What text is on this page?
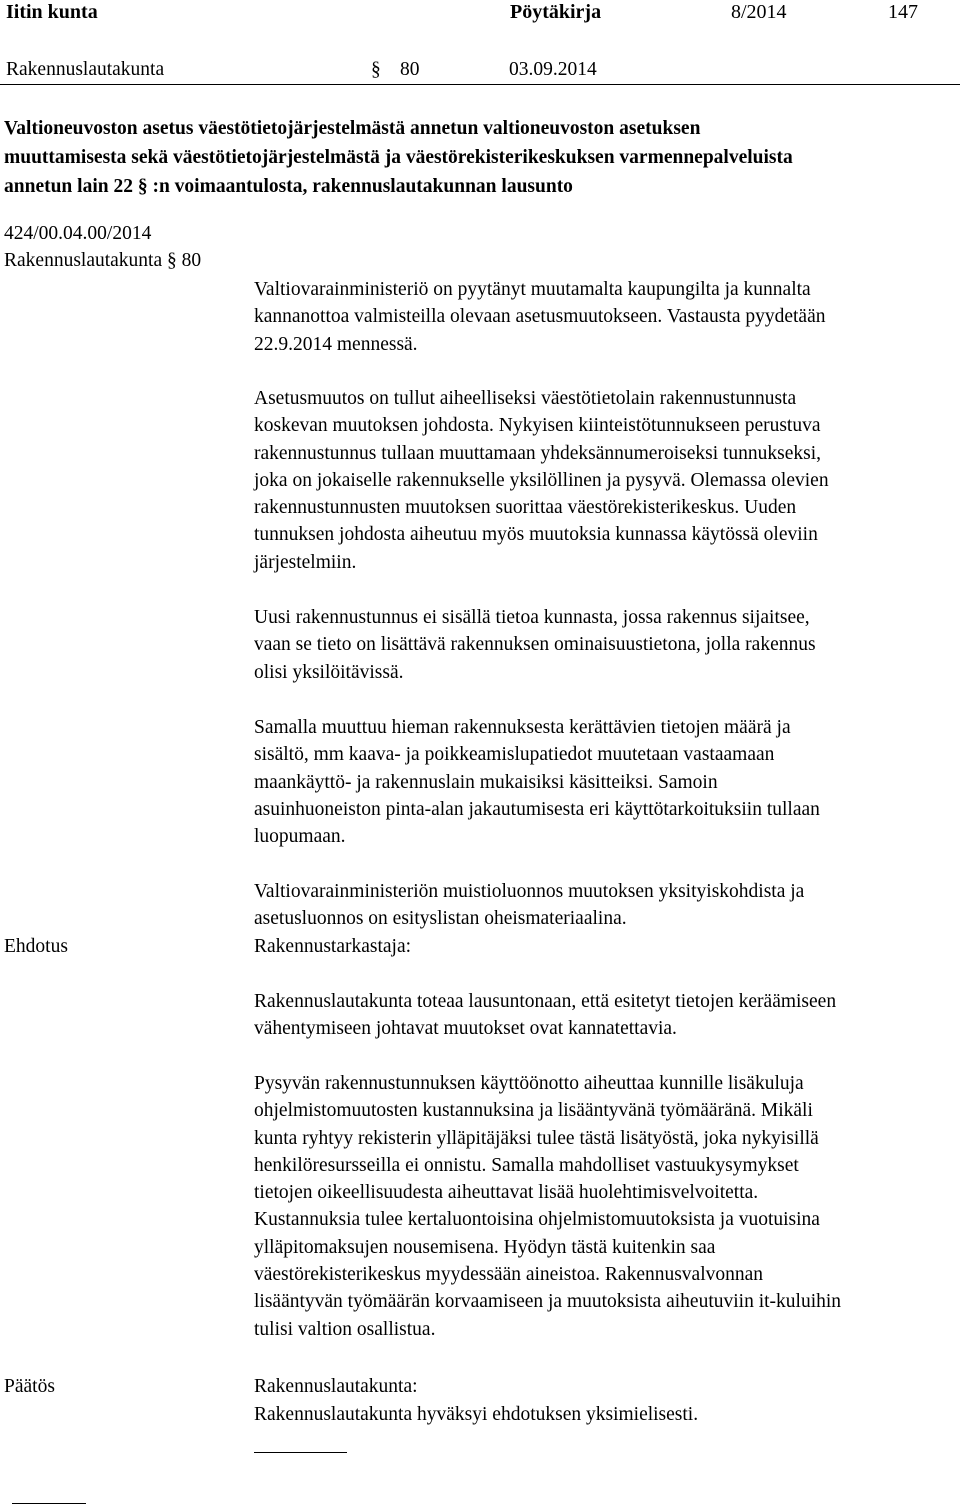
Iitin kunta	Pöytäkirja	8/2014	147
Rakennuslautakunta	§ 80	03.09.2014
Valtioneuvoston asetus väestötietojärjestelmästä annetun valtioneuvoston asetuksen
muuttamisesta sekä väestötietojärjestelmästä ja väestörekisterikeskuksen varmennepalveluista
annetun lain 22 § :n voimaantulosta, rakennuslautakunnan lausunto
424/00.04.00/2014
Rakennuslautakunta § 80
Valtiovarainministeriö on pyytänyt muutamalta kaupungilta ja kunnalta
kannanottoa valmisteilla olevaan asetusmuutokseen. Vastausta pyydetään
22.9.2014 mennessä.
Asetusmuutos on tullut aiheelliseksi väestötietolain rakennustunnusta
koskevan muutoksen johdosta. Nykyisen kiinteistötunnukseen perustuva
rakennustunnus tullaan muuttamaan yhdeksännumeroiseksi tunnukseksi,
joka on jokaiselle rakennukselle yksilöllinen ja pysyvä. Olemassa olevien
rakennustunnusten muutoksen suorittaa väestörekisterikeskus. Uuden
tunnuksen johdosta aiheutuu myös muutoksia kunnassa käytössä oleviin
järjestelmiin.
Uusi rakennustunnus ei sisällä tietoa kunnasta, jossa rakennus sijaitsee,
vaan se tieto on lisättävä rakennuksen ominaisuustietona, jolla rakennus
olisi yksilöitävissä.
Samalla muuttuu hieman rakennuksesta kerättävien tietojen määrä ja
sisältö, mm kaava- ja poikkeamislupatiedot muutetaan vastaamaan
maankäyttö- ja rakennuslain mukaisiksi käsitteiksi. Samoin
asuinhuoneiston pinta-alan jakautumisesta eri käyttötarkoituksiin tullaan
luopumaan.
Valtiovarainministeriön muistioluonnos muutoksen yksityiskohdista ja
asetusluonnos on esityslistan oheismateriaalina.
Ehdotus	Rakennustarkastaja:
Rakennuslautakunta toteaa lausuntonaan, että esitetyt tietojen keräämiseen
vähentymiseen johtavat muutokset ovat kannatettavia.
Pysyvän rakennustunnuksen käyttöönotto aiheuttaa kunnille lisäkuluja
ohjelmistomuutosten kustannuksina ja lisääntyvänä työmääränä. Mikäli
kunta ryhtyy rekisterin ylläpitäjäksi tulee tästä lisätyöstä, joka nykyisillä
henkilöresursseilla ei onnistu. Samalla mahdolliset vastuukysymykset
tietojen oikeellisuudesta aiheuttavat lisää huolehtimisvelvoitetta.
Kustannuksia tulee kertaluontoisina ohjelmistomuutoksista ja vuotuisina
ylläpitomaksujen nousemisena. Hyödyn tästä kuitenkin saa
väestörekisterikeskus myydessään aineistoa. Rakennusvalvonnan
lisääntyvän työmäärän korvaamiseen ja muutoksista aiheutuviin it-kuluihin
tulisi valtion osallistua.
Päätös	Rakennuslautakunta:
Rakennuslautakunta hyväksyi ehdotuksen yksimielisesti.
